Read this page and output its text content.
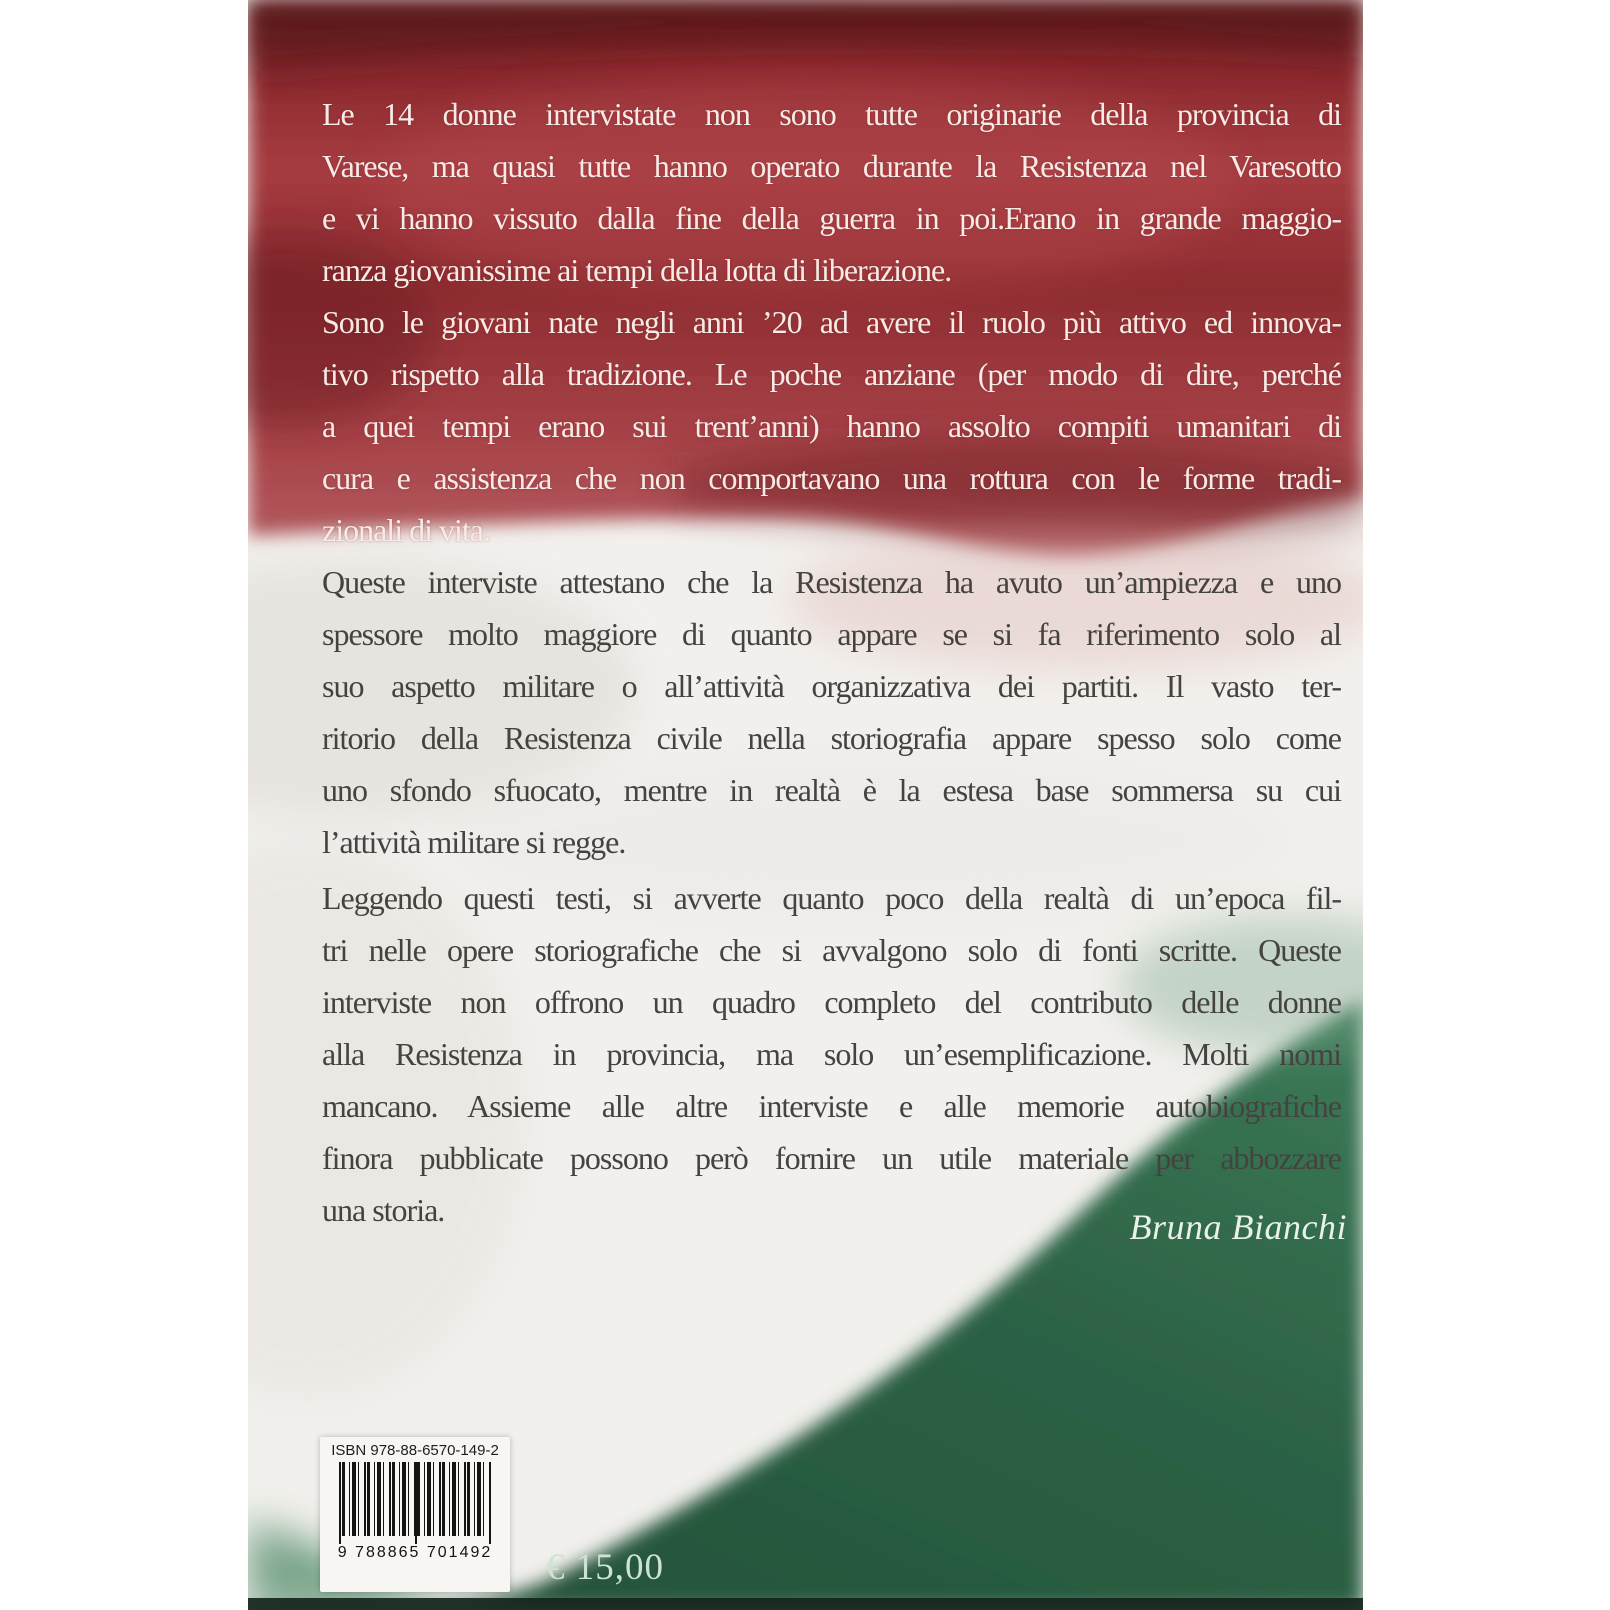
Le 14 donne intervistate non sono tutte originarie della provincia di
Varese, ma quasi tutte hanno operato durante la Resistenza nel Varesotto
e vi hanno vissuto dalla fine della guerra in poi.Erano in grande maggio-
ranza giovanissime ai tempi della lotta di liberazione.
Sono le giovani nate negli anni ’20 ad avere il ruolo più attivo ed innova-
tivo rispetto alla tradizione. Le poche anziane (per modo di dire, perché
a quei tempi erano sui trent’anni) hanno assolto compiti umanitari di
cura e assistenza che non comportavano una rottura con le forme tradi-
zionali di vita.
Queste interviste attestano che la Resistenza ha avuto un’ampiezza e uno
spessore molto maggiore di quanto appare se si fa riferimento solo al
suo aspetto militare o all’attività organizzativa dei partiti. Il vasto ter-
ritorio della Resistenza civile nella storiografia appare spesso solo come
uno sfondo sfuocato, mentre in realtà è la estesa base sommersa su cui
l’attività militare si regge.
Leggendo questi testi, si avverte quanto poco della realtà di un’epoca fil-
tri nelle opere storiografiche che si avvalgono solo di fonti scritte. Queste
interviste non offrono un quadro completo del contributo delle donne
alla Resistenza in provincia, ma solo un’esemplificazione. Molti nomi
mancano. Assieme alle altre interviste e alle memorie autobiografiche
finora pubblicate possono però fornire un utile materiale per abbozzare
una storia.	Bruna Bianchi
ISBN 978-88-6570-149-2
9 788865 701492	€ 15,00
